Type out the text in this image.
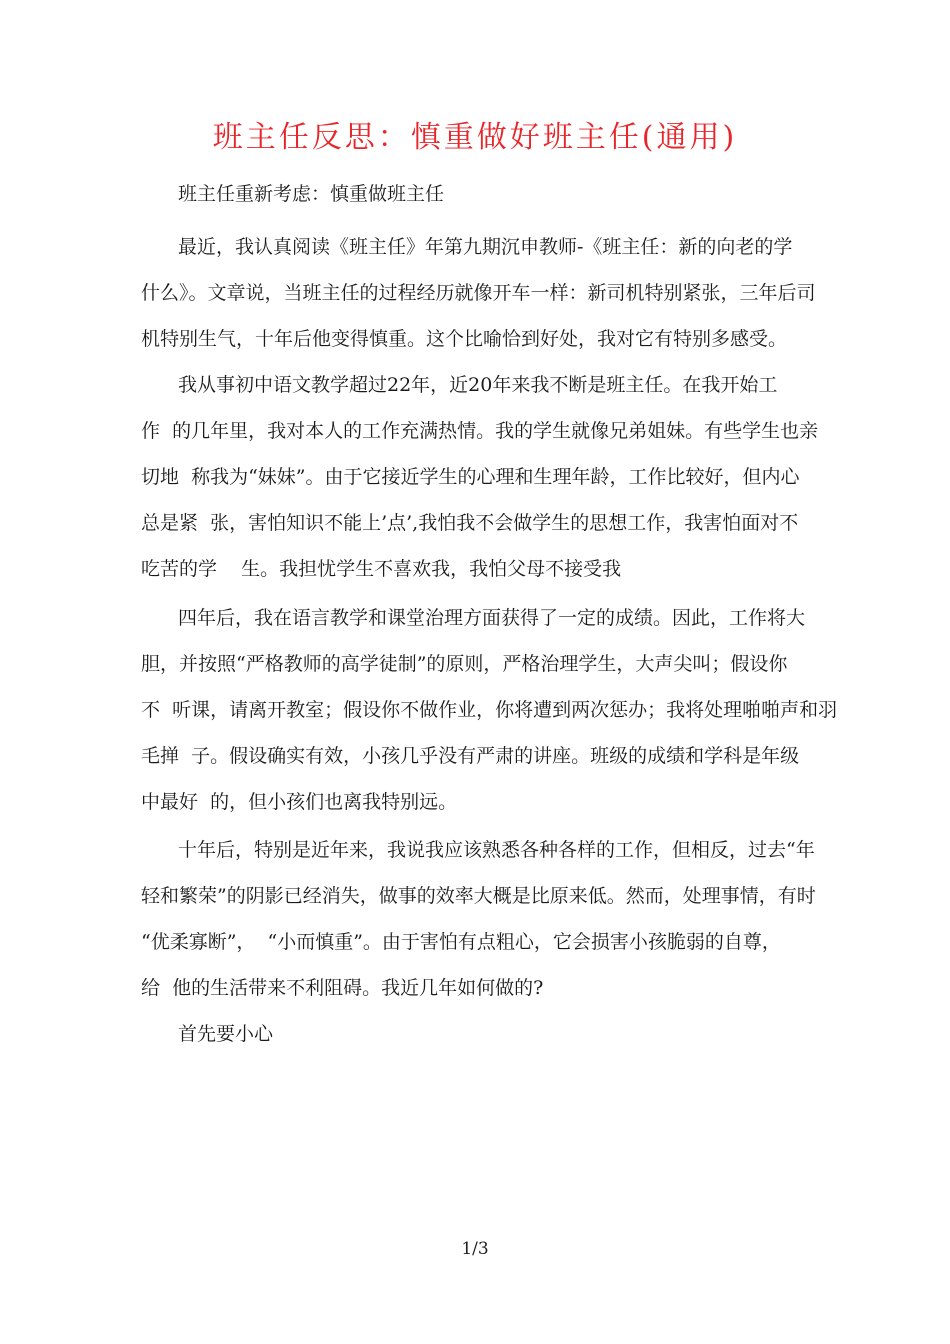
班主任反思：慎重做好班主任(通用)
班主任重新考虑：慎重做班主任
最近，我认真阅读《班主任》年第九期沉申教师-《班主任：新的向老的学
什么》。文章说，当班主任的过程经历就像开车一样：新司机特别紧张，三年后司
机特别生气，十年后他变得慎重。这个比喻恰到好处，我对它有特别多感受。
我从事初中语文教学超过22年，近20年来我不断是班主任。在我开始工
作  的几年里，我对本人的工作充满热情。我的学生就像兄弟姐妹。有些学生也亲
切地  称我为“妹妹”。由于它接近学生的心理和生理年龄，工作比较好，但内心
总是紧  张，害怕知识不能上’点’,我怕我不会做学生的思想工作，我害怕面对不
吃苦的学    生。我担忧学生不喜欢我，我怕父母不接受我
四年后，我在语言教学和课堂治理方面获得了一定的成绩。因此，工作将大
胆，并按照“严格教师的高学徒制”的原则，严格治理学生，大声尖叫；假设你
不  听课，请离开教室；假设你不做作业，你将遭到两次惩办；我将处理啪啪声和羽
毛掸  子。假设确实有效，小孩几乎没有严肃的讲座。班级的成绩和学科是年级
中最好  的，但小孩们也离我特别远。
十年后，特别是近年来，我说我应该熟悉各种各样的工作，但相反，过去“年
轻和繁荣”的阴影已经消失，做事的效率大概是比原来低。然而，处理事情，有时
“优柔寡断”，  “小而慎重”。由于害怕有点粗心，它会损害小孩脆弱的自尊，
给  他的生活带来不利阻碍。我近几年如何做的?
首先要小心
1/3
